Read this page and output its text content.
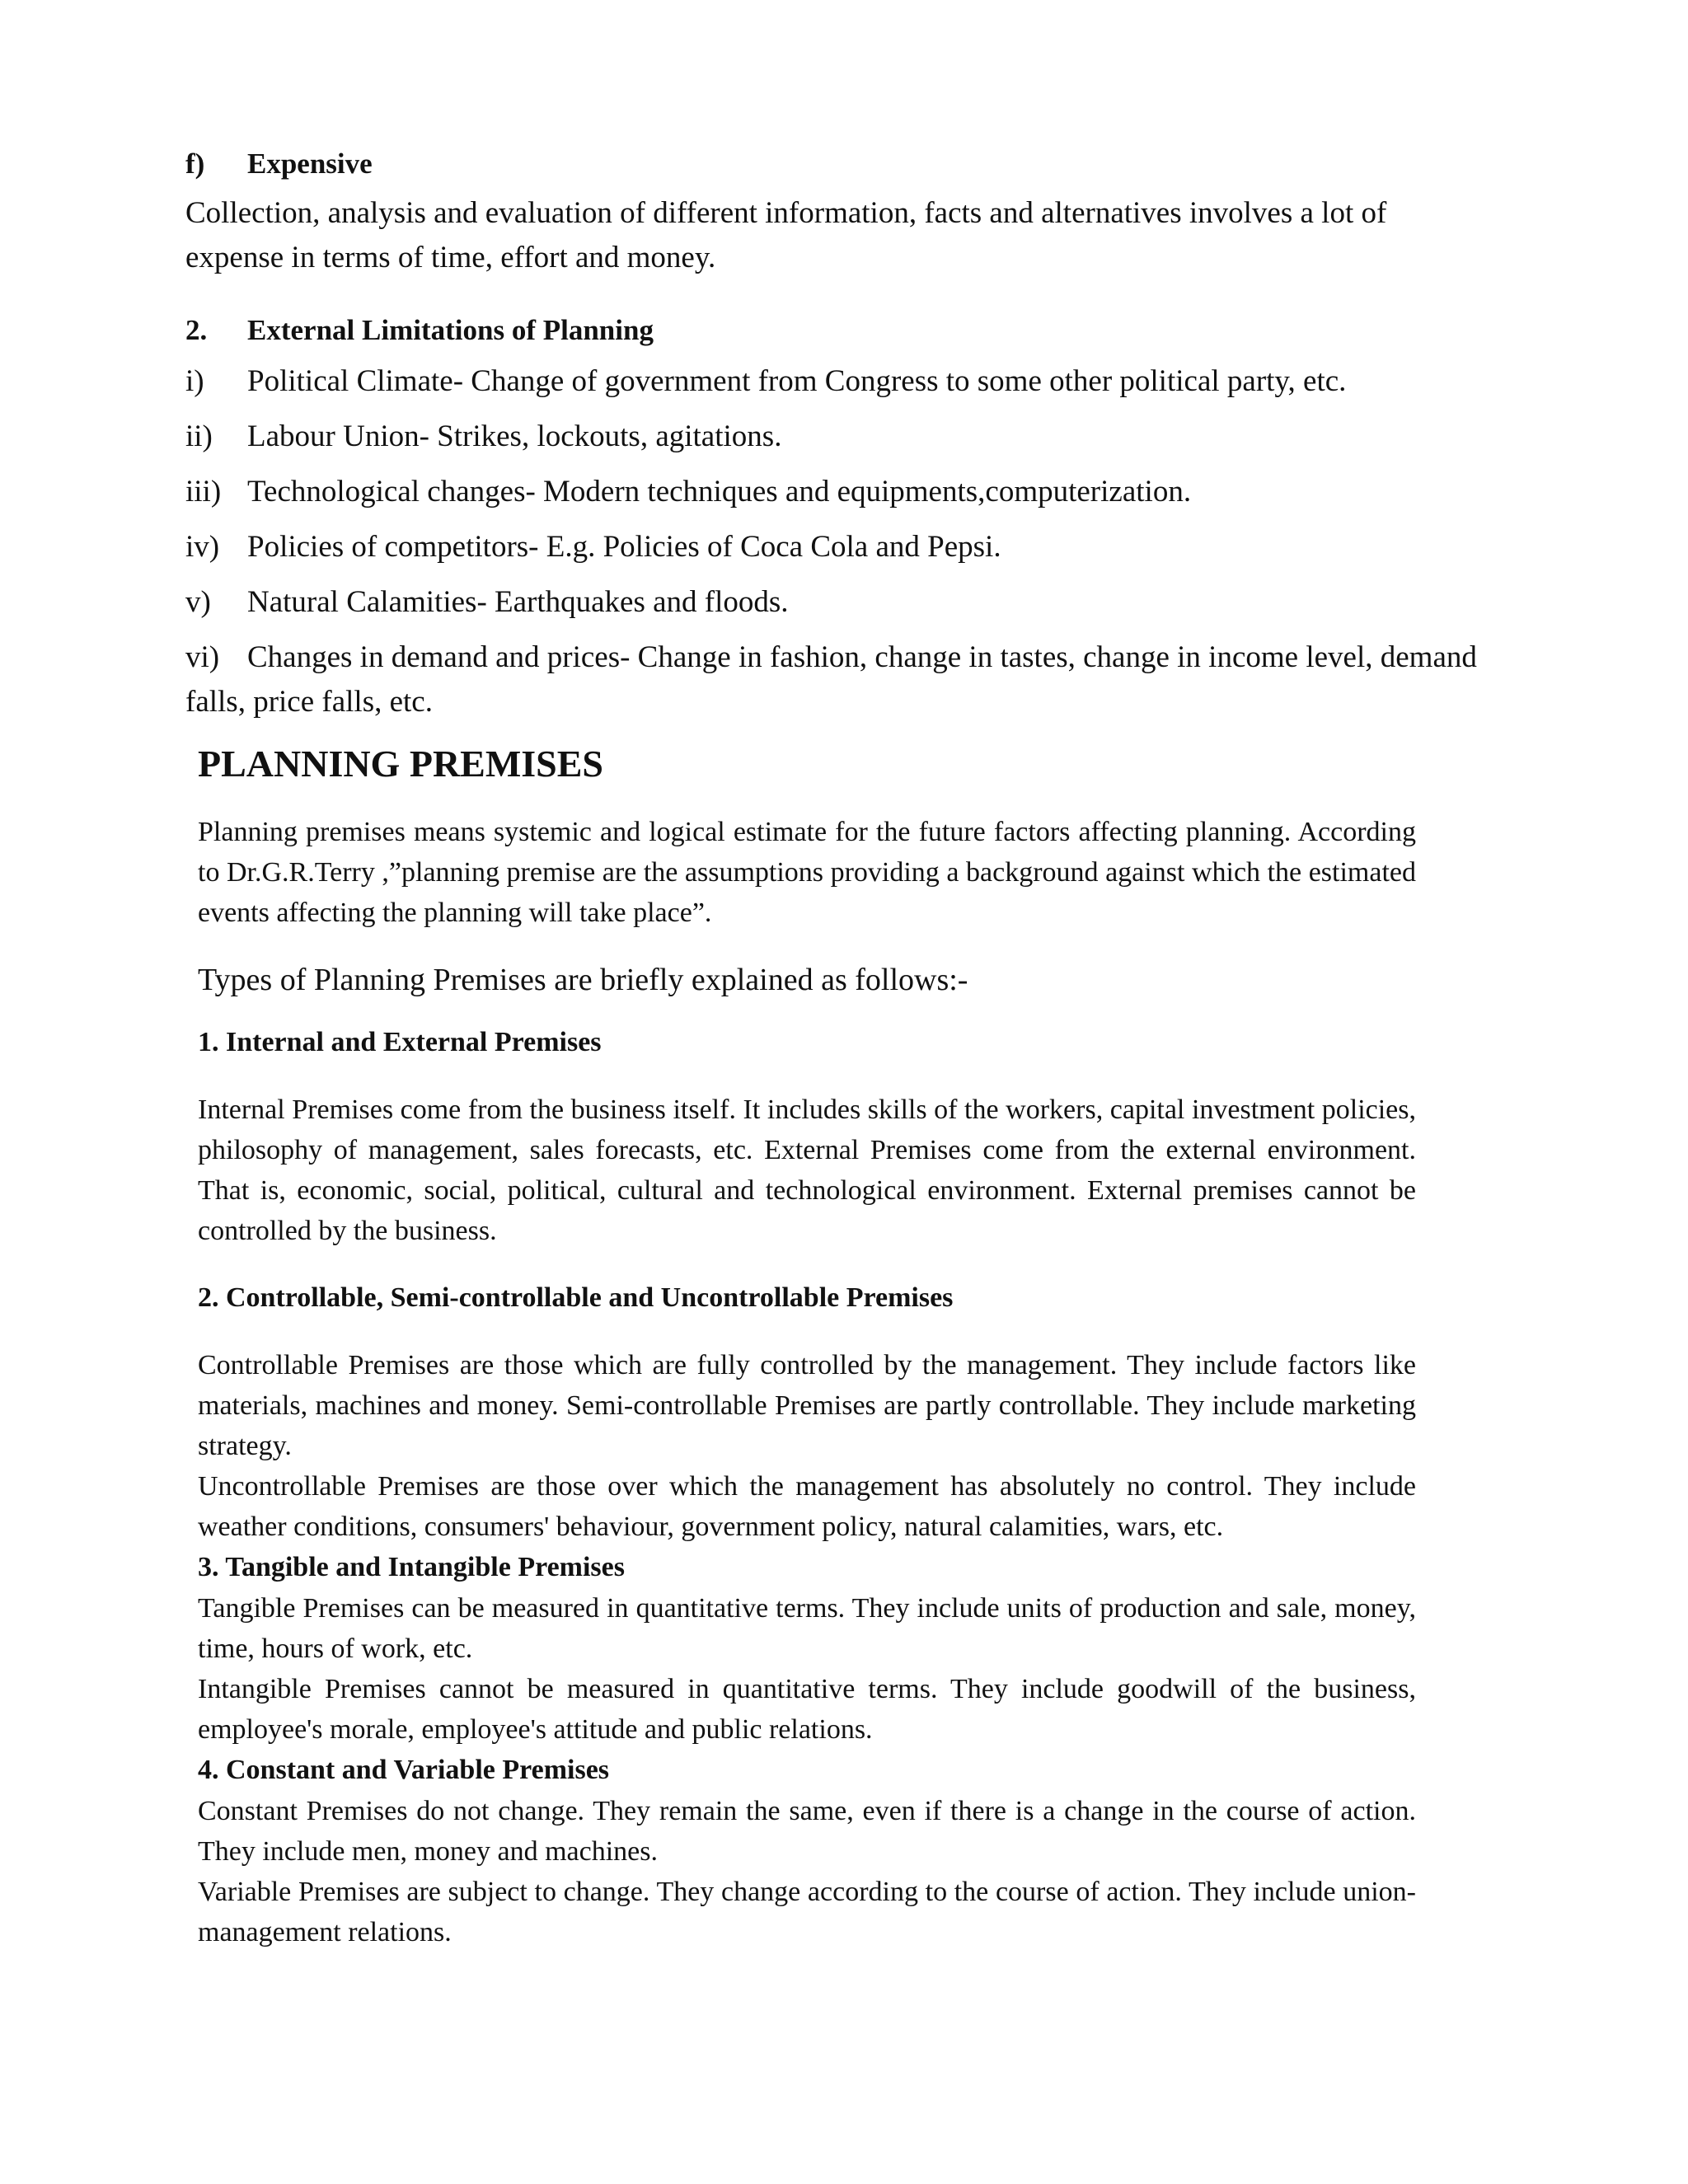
f)	Expensive

Collection, analysis and evaluation of different information, facts and alternatives involves a lot of expense in terms of time, effort and money.

2.	External Limitations of Planning
i)	Political Climate- Change of government from Congress to some other political party, etc.
ii)	Labour Union- Strikes, lockouts, agitations.
iii) Technological changes- Modern techniques and equipments,computerization.
iv) Policies of competitors- E.g. Policies of Coca Cola and Pepsi.
v)	Natural Calamities- Earthquakes and floods.
vi) Changes in demand and prices- Change in fashion, change in tastes, change in income level, demand falls, price falls, etc.
PLANNING PREMISES

Planning premises means systemic and logical estimate for the future factors affecting planning. According to Dr.G.R.Terry ,”planning premise are the assumptions providing a background against which the estimated events affecting the planning will take place”.

Types of Planning Premises are briefly explained as follows:-
1. Internal and External Premises

Internal Premises come from the business itself. It includes skills of the workers, capital investment policies, philosophy of management, sales forecasts, etc. External Premises come from the external environment. That is, economic, social, political, cultural and technological environment. External premises cannot be controlled by the business.

2. Controllable, Semi-controllable and Uncontrollable Premises

Controllable Premises are those which are fully controlled by the management. They include factors like materials, machines and money. Semi-controllable Premises are partly controllable. They include marketing strategy.

Uncontrollable Premises are those over which the management has absolutely no control. They include weather conditions, consumers' behaviour, government policy, natural calamities, wars, etc.

3. Tangible and Intangible Premises

Tangible Premises can be measured in quantitative terms. They include units of production and sale, money, time, hours of work, etc.

Intangible Premises cannot be measured in quantitative terms. They include goodwill of the business, employee's morale, employee's attitude and public relations.

4. Constant and Variable Premises

Constant Premises do not change. They remain the same, even if there is a change in the course of action. They include men, money and machines.

Variable Premises are subject to change. They change according to the course of action. They include union-management relations.
